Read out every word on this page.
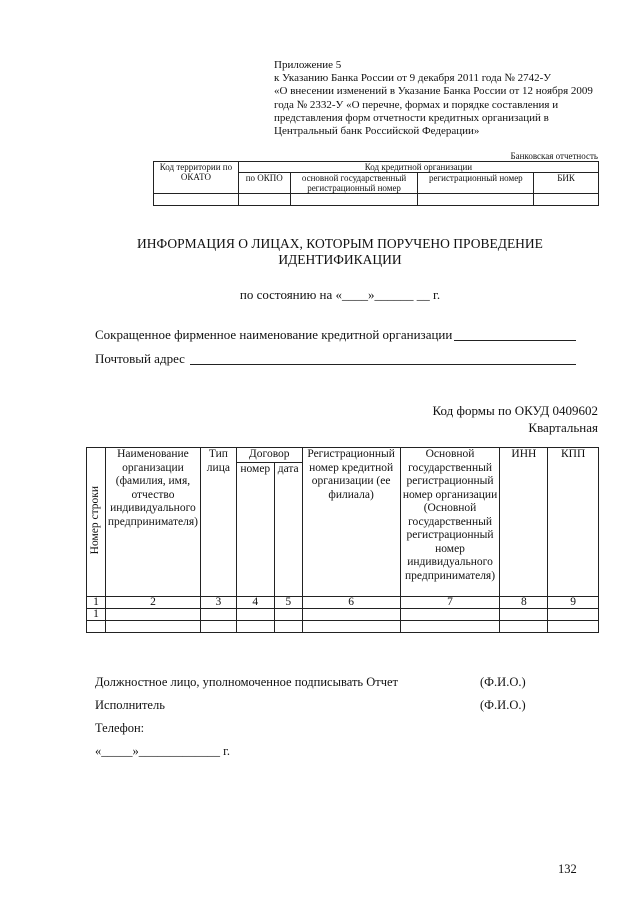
Приложение 5
к Указанию Банка России от 9 декабря 2011 года № 2742-У
«О внесении изменений в Указание Банка России от 12 ноября 2009
года № 2332-У «О перечне, формах и порядке составления и
представления форм отчетности кредитных организаций в
Центральный банк Российской Федерации»
Банковская отчетность
Код территории по ОКАТО	Код кредитной организации			
	по ОКПО	основной государственный регистрационный номер	регистрационный номер	БИК

ИНФОРМАЦИЯ О ЛИЦАХ, КОТОРЫМ ПОРУЧЕНО ПРОВЕДЕНИЕ
ИДЕНТИФИКАЦИИ
по состоянию на «____»______ __ г.
Сокращенное фирменное наименование кредитной организации
Почтовый адрес
Код формы по ОКУД 0409602
Квартальная
Номер строки	Наименование организации (фамилия, имя, отчество индивидуального предпринимателя)	Тип лица	Договор		Регистрационный номер кредитной организации (ее филиала)	Основной государственный регистрационный номер организации (Основной государственный регистрационный номер индивидуального предпринимателя)	ИНН	КПП
			номер	дата				
1	2	3	4	5	6	7	8	9
1								

Должностное лицо, уполномоченное подписывать Отчет	(Ф.И.О.)
Исполнитель	(Ф.И.О.)
Телефон:
«_____»_____________ г.
132
